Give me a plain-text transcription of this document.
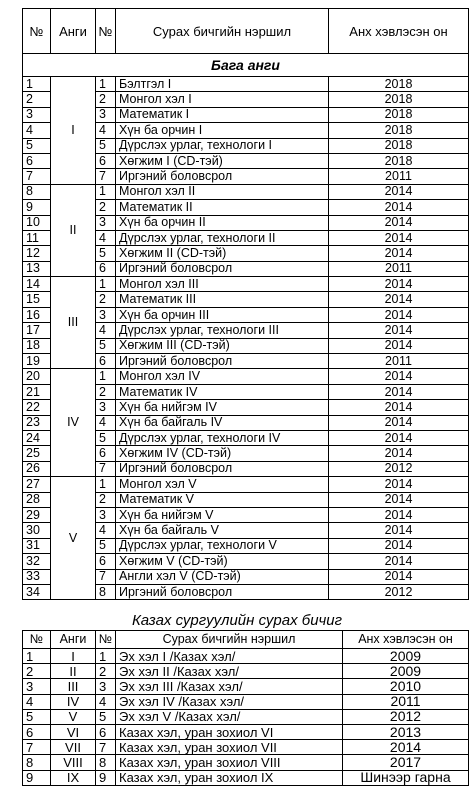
№	Анги	№	Сурах бичгийн нэршил	Анх хэвлэсэн он
Бага анги				
1	I	1	Бэлтгэл I	2018
2		2	Монгол хэл I	2018
3		3	Математик I	2018
4		4	Хүн ба орчин I	2018
5		5	Дүрслэх урлаг, технологи I	2018
6		6	Хөгжим I (CD-тэй)	2018
7		7	Иргэний боловсрол	2011
8	II	1	Монгол хэл II	2014
9		2	Математик II	2014
10		3	Хүн ба орчин II	2014
11		4	Дүрслэх урлаг, технологи II	2014
12		5	Хөгжим II (CD-тэй)	2014
13		6	Иргэний боловсрол	2011
14	III	1	Монгол хэл III	2014
15		2	Математик III	2014
16		3	Хүн ба орчин III	2014
17		4	Дүрслэх урлаг, технологи III	2014
18		5	Хөгжим III (CD-тэй)	2014
19		6	Иргэний боловсрол	2011
20	IV	1	Монгол хэл IV	2014
21		2	Математик IV	2014
22		3	Хүн ба нийгэм IV	2014
23		4	Хүн ба байгаль IV	2014
24		5	Дүрслэх урлаг, технологи IV	2014
25		6	Хөгжим IV (CD-тэй)	2014
26		7	Иргэний боловсрол	2012
27	V	1	Монгол хэл V	2014
28		2	Математик V	2014
29		3	Хүн ба нийгэм V	2014
30		4	Хүн ба байгаль V	2014
31		5	Дүрслэх урлаг, технологи V	2014
32		6	Хөгжим V (CD-тэй)	2014
33		7	Англи хэл V (CD-тэй)	2014
34		8	Иргэний боловсрол	2012
Казах сургуулийн сурах бичиг
№	Анги	№	Сурах бичгийн нэршил	Анх хэвлэсэн он
1	I	1	Эх хэл I /Казах хэл/	2009
2	II	2	Эх хэл II /Казах хэл/	2009
3	III	3	Эх хэл III /Казах хэл/	2010
4	IV	4	Эх хэл IV /Казах хэл/	2011
5	V	5	Эх хэл V /Казах хэл/	2012
6	VI	6	Казах хэл, уран зохиол VI	2013
7	VII	7	Казах хэл, уран зохиол VII	2014
8	VIII	8	Казах хэл, уран зохиол VIII	2017
9	IX	9	Казах хэл, уран зохиол IX	Шинээр гарна
